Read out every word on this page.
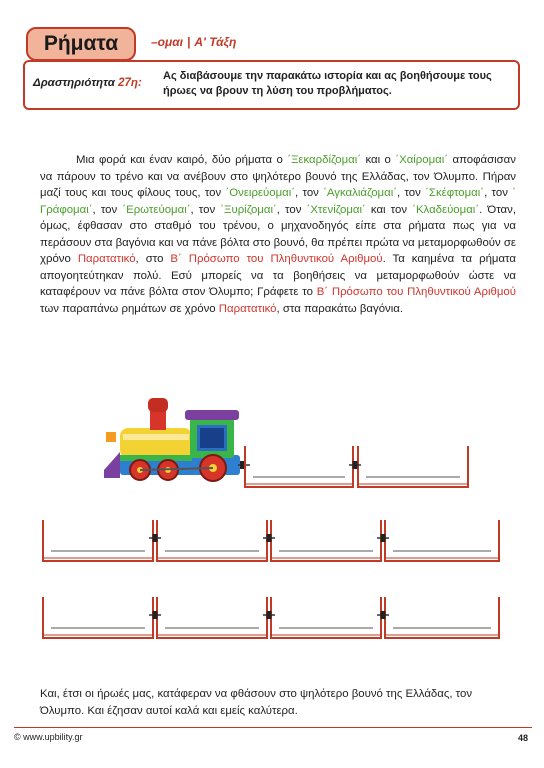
Ρήματα	–ομαι | Α' Τάξη
Δραστηριότητα 27η:
Ας διαβάσουμε την παρακάτω ιστορία και ας βοηθήσουμε τους ήρωες να βρουν τη λύση του προβλήματος.
Μια φορά και έναν καιρό, δύο ρήματα ο ΄Ξεκαρδίζομαι΄ και ο ΄Χαίρομαι΄ αποφάσισαν να πάρουν το τρένο και να ανέβουν στο ψηλότερο βουνό της Ελλάδας, τον Όλυμπο. Πήραν μαζί τους και τους φίλους τους, τον ΄Ονειρεύομαι΄, τον ΄Αγκαλιάζομαι΄, τον ΄Σκέφτομαι΄, τον ΄ Γράφομαι΄, τον ΄Ερωτεύομαι΄, τον ΄Ξυρίζομαι΄, τον ΄Χτενίζομαι΄ και τον ΄Κλαδεύομαι΄. Όταν, όμως, έφθασαν στο σταθμό του τρένου, ο μηχανοδηγός είπε στα ρήματα πως για να περάσουν στα βαγόνια και να πάνε βόλτα στο βουνό, θα πρέπει πρώτα να μεταμορφωθούν σε χρόνο Παρατατικό, στο Β΄ Πρόσωπο του Πληθυντικού Αριθμού. Τα καημένα τα ρήματα απογοητεύτηκαν πολύ. Εσύ μπορείς να τα βοηθήσεις να μεταμορφωθούν ώστε να καταφέρουν να πάνε βόλτα στον Όλυμπο; Γράφετε το Β΄ Πρόσωπο του Πληθυντικού Αριθμού των παραπάνω ρημάτων σε χρόνο Παρατατικό, στα παρακάτω βαγόνια.
Και, έτσι οι ήρωές μας, κατάφεραν να φθάσουν στο ψηλότερο βουνό της Ελλάδας, τον Όλυμπο. Και έζησαν αυτοί καλά και εμείς καλύτερα.
© www.upbility.gr	48
